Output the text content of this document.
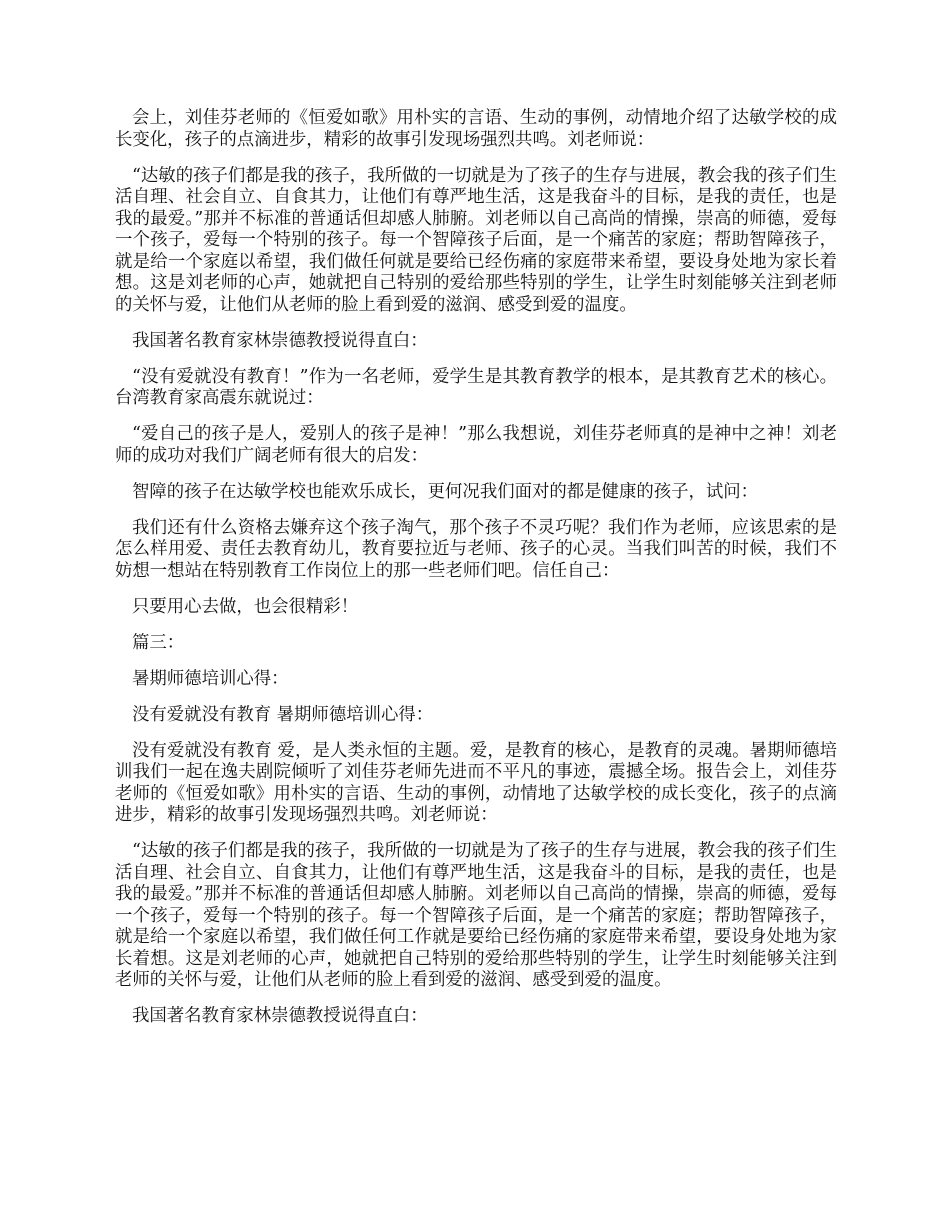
会上，刘佳芬老师的《恒爱如歌》用朴实的言语、生动的事例，动情地介绍了达敏学校的成长变化，孩子的点滴进步，精彩的故事引发现场强烈共鸣。刘老师说：

“达敏的孩子们都是我的孩子，我所做的一切就是为了孩子的生存与进展，教会我的孩子们生活自理、社会自立、自食其力，让他们有尊严地生活，这是我奋斗的目标，是我的责任，也是我的最爱。”那并不标准的普通话但却感人肺腑。刘老师以自己高尚的情操，崇高的师德，爱每一个孩子，爱每一个特别的孩子。每一个智障孩子后面，是一个痛苦的家庭；帮助智障孩子，就是给一个家庭以希望，我们做任何就是要给已经伤痛的家庭带来希望，要设身处地为家长着想。这是刘老师的心声，她就把自己特别的爱给那些特别的学生，让学生时刻能够关注到老师的关怀与爱，让他们从老师的脸上看到爱的滋润、感受到爱的温度。

我国著名教育家林崇德教授说得直白：

“没有爱就没有教育！”作为一名老师，爱学生是其教育教学的根本，是其教育艺术的核心。台湾教育家高震东就说过：

“爱自己的孩子是人，爱别人的孩子是神！”那么我想说，刘佳芬老师真的是神中之神！刘老师的成功对我们广阔老师有很大的启发：

智障的孩子在达敏学校也能欢乐成长，更何况我们面对的都是健康的孩子，试问：

我们还有什么资格去嫌弃这个孩子淘气，那个孩子不灵巧呢？我们作为老师，应该思索的是怎么样用爱、责任去教育幼儿，教育要拉近与老师、孩子的心灵。当我们叫苦的时候，我们不妨想一想站在特别教育工作岗位上的那一些老师们吧。信任自己：

只要用心去做，也会很精彩！

篇三：

暑期师德培训心得：

没有爱就没有教育 暑期师德培训心得：

没有爱就没有教育 爱，是人类永恒的主题。爱，是教育的核心，是教育的灵魂。暑期师德培训我们一起在逸夫剧院倾听了刘佳芬老师先进而不平凡的事迹，震撼全场。报告会上，刘佳芬老师的《恒爱如歌》用朴实的言语、生动的事例，动情地了达敏学校的成长变化，孩子的点滴进步，精彩的故事引发现场强烈共鸣。刘老师说：

“达敏的孩子们都是我的孩子，我所做的一切就是为了孩子的生存与进展，教会我的孩子们生活自理、社会自立、自食其力，让他们有尊严地生活，这是我奋斗的目标，是我的责任，也是我的最爱。”那并不标准的普通话但却感人肺腑。刘老师以自己高尚的情操，崇高的师德，爱每一个孩子，爱每一个特别的孩子。每一个智障孩子后面，是一个痛苦的家庭；帮助智障孩子，就是给一个家庭以希望，我们做任何工作就是要给已经伤痛的家庭带来希望，要设身处地为家长着想。这是刘老师的心声，她就把自己特别的爱给那些特别的学生，让学生时刻能够关注到老师的关怀与爱，让他们从老师的脸上看到爱的滋润、感受到爱的温度。

我国著名教育家林崇德教授说得直白：
